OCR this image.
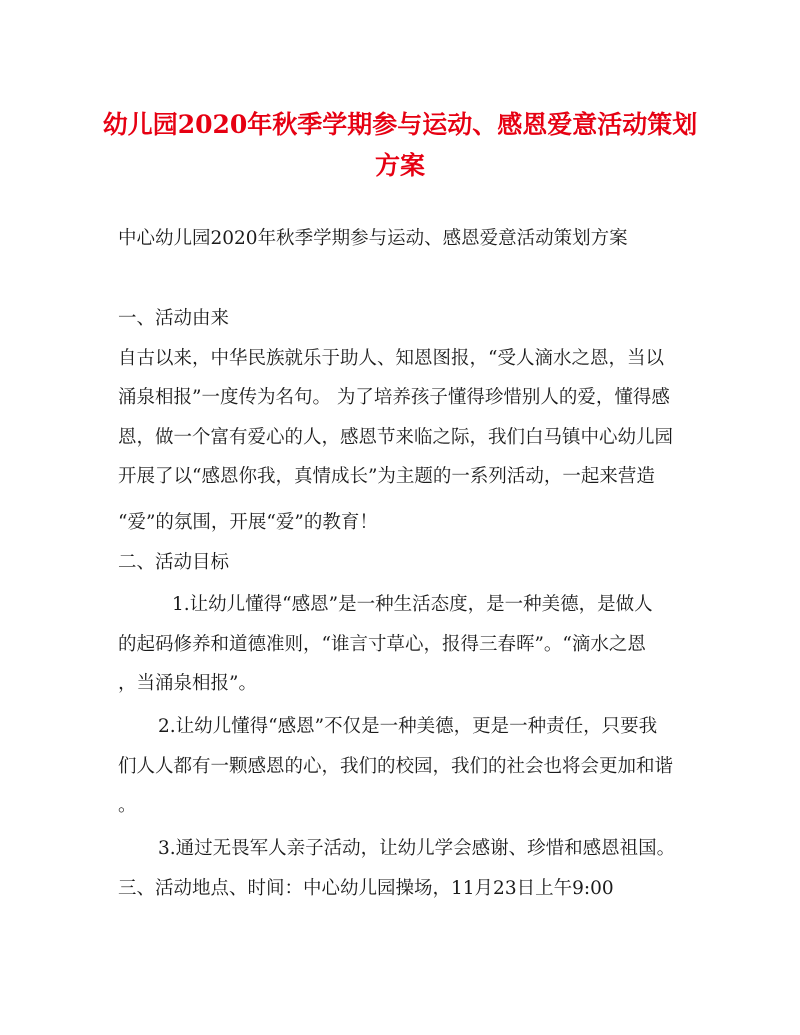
幼儿园2020年秋季学期参与运动、感恩爱意活动策划
方案

中心幼儿园2020年秋季学期参与运动、感恩爱意活动策划方案

一、活动由来

自古以来，中华民族就乐于助人、知恩图报，“受人滴水之恩，当以

涌泉相报”一度传为名句。 为了培养孩子懂得珍惜别人的爱，懂得感

恩，做一个富有爱心的人，感恩节来临之际，我们白马镇中心幼儿园

开展了以“感恩你我，真情成长”为主题的一系列活动，一起来营造

“爱”的氛围，开展“爱”的教育！

二、活动目标

1.让幼儿懂得“感恩”是一种生活态度，是一种美德，是做人

的起码修养和道德准则，“谁言寸草心，报得三春晖”。“滴水之恩

，当涌泉相报”。

2.让幼儿懂得“感恩”不仅是一种美德，更是一种责任，只要我

们人人都有一颗感恩的心，我们的校园，我们的社会也将会更加和谐

。

3.通过无畏军人亲子活动，让幼儿学会感谢、珍惜和感恩祖国。

三、活动地点、时间：中心幼儿园操场，11月23日上午9:00
